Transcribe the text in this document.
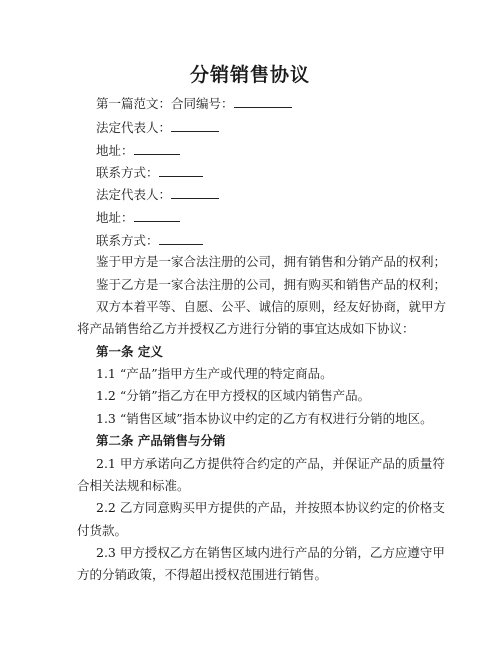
分销销售协议
第一篇范文：合同编号：
法定代表人：
地址：
联系方式：
法定代表人：
地址：
联系方式：
鉴于甲方是一家合法注册的公司，拥有销售和分销产品的权利；
鉴于乙方是一家合法注册的公司，拥有购买和销售产品的权利；
双方本着平等、自愿、公平、诚信的原则，经友好协商，就甲方
将产品销售给乙方并授权乙方进行分销的事宜达成如下协议：
第一条 定义
1.1 “产品”指甲方生产或代理的特定商品。
1.2 “分销”指乙方在甲方授权的区域内销售产品。
1.3 “销售区域”指本协议中约定的乙方有权进行分销的地区。
第二条 产品销售与分销
2.1 甲方承诺向乙方提供符合约定的产品，并保证产品的质量符
合相关法规和标准。
2.2 乙方同意购买甲方提供的产品，并按照本协议约定的价格支
付货款。
2.3 甲方授权乙方在销售区域内进行产品的分销，乙方应遵守甲
方的分销政策，不得超出授权范围进行销售。
